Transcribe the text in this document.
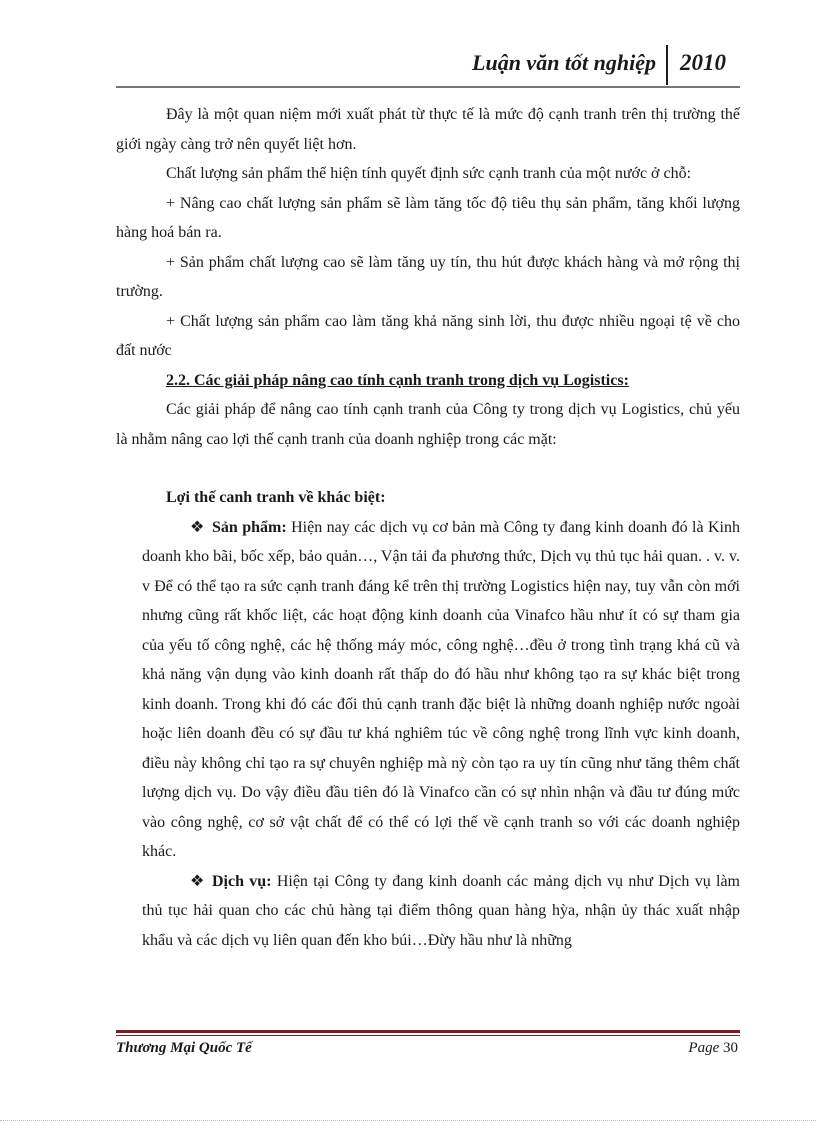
Luận văn tốt nghiệp 2010

Đây là một quan niệm mới xuất phát từ thực tế là mức độ cạnh tranh trên thị trường thế giới ngày càng trở nên quyết liệt hơn.

Chất lượng sản phẩm thể hiện tính quyết định sức cạnh tranh của một nước ở chỗ:

+ Nâng cao chất lượng sản phẩm sẽ làm tăng tốc độ tiêu thụ sản phẩm, tăng khối lượng hàng hoá bán ra.

+ Sản phẩm chất lượng cao sẽ làm tăng uy tín, thu hút được khách hàng và mở rộng thị trường.

+ Chất lượng sản phẩm cao làm tăng khả năng sinh lời, thu được nhiều ngoại tệ về cho đất nước

2.2. Các giải pháp nâng cao tính cạnh tranh trong dịch vụ Logistics:

Các giải pháp để nâng cao tính cạnh tranh của Công ty trong dịch vụ Logistics, chủ yếu là nhằm nâng cao lợi thế cạnh tranh của doanh nghiệp trong các mặt:

Lợi thế canh tranh về khác biệt:

❖ Sản phẩm: Hiện nay các dịch vụ cơ bản mà Công ty đang kinh doanh đó là Kinh doanh kho bãi, bốc xếp, bảo quản…, Vận tải đa phương thức, Dịch vụ thủ tục hải quan. . v. v. v Để có thể tạo ra sức cạnh tranh đáng kể trên thị trường Logistics hiện nay, tuy vẫn còn mới nhưng cũng rất khốc liệt, các hoạt động kinh doanh của Vinafco hầu như ít có sự tham gia của yếu tố công nghệ, các hệ thống máy móc, công nghệ…đều ở trong tình trạng khá cũ và khả năng vận dụng vào kinh doanh rất thấp do đó hầu như không tạo ra sự khác biệt trong kinh doanh. Trong khi đó các đối thủ cạnh tranh đặc biệt là những doanh nghiệp nước ngoài hoặc liên doanh đều có sự đầu tư khá nghiêm túc về công nghệ trong lĩnh vực kinh doanh, điều này không chỉ tạo ra sự chuyên nghiệp mà nỳ còn tạo ra uy tín cũng như tăng thêm chất lượng dịch vụ. Do vậy điều đầu tiên đó là Vinafco cần có sự nhìn nhận và đầu tư đúng mức vào công nghệ, cơ sở vật chất để có thể có lợi thế về cạnh tranh so với các doanh nghiệp khác.

❖ Dịch vụ: Hiện tại Công ty đang kinh doanh các mảng dịch vụ như Dịch vụ làm thủ tục hải quan cho các chủ hàng tại điểm thông quan hàng hỳa, nhận ủy thác xuất nhập khẩu và các dịch vụ liên quan đến kho búi…Đừy hầu như là những

Thương Mại Quốc Tế	Page 30
